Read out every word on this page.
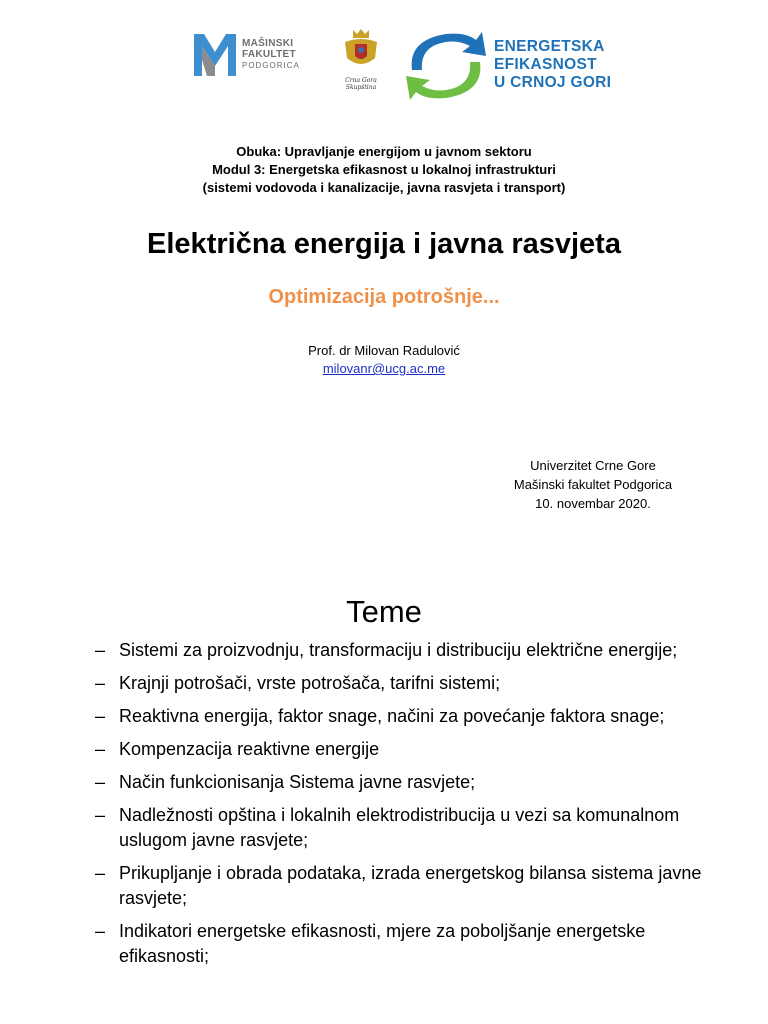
MAŠINSKI
FAKULTET
PODGORICA
Crna Gora
Skupština
ENERGETSKA
EFIKASNOST
U CRNOJ GORI
Obuka: Upravljanje energijom u javnom sektoru
Modul 3: Energetska efikasnost u lokalnoj infrastrukturi
(sistemi vodovoda i kanalizacije, javna rasvjeta i transport)
Električna energija i javna rasvjeta
Optimizacija potrošnje...
Prof. dr Milovan Radulović
milovanr@ucg.ac.me
Univerzitet Crne Gore
Mašinski fakultet Podgorica
10. novembar 2020.
Teme
– Sistemi za proizvodnju, transformaciju i distribuciju električne energije;
– Krajnji potrošači, vrste potrošača, tarifni sistemi;
– Reaktivna energija, faktor snage, načini za povećanje faktora snage;
– Kompenzacija reaktivne energije
– Način funkcionisanja Sistema javne rasvjete;
– Nadležnosti opština i lokalnih elektrodistribucija u vezi sa komunalnom uslugom javne rasvjete;
– Prikupljanje i obrada podataka, izrada energetskog bilansa sistema javne rasvjete;
– Indikatori energetske efikasnosti, mjere za poboljšanje energetske efikasnosti;
